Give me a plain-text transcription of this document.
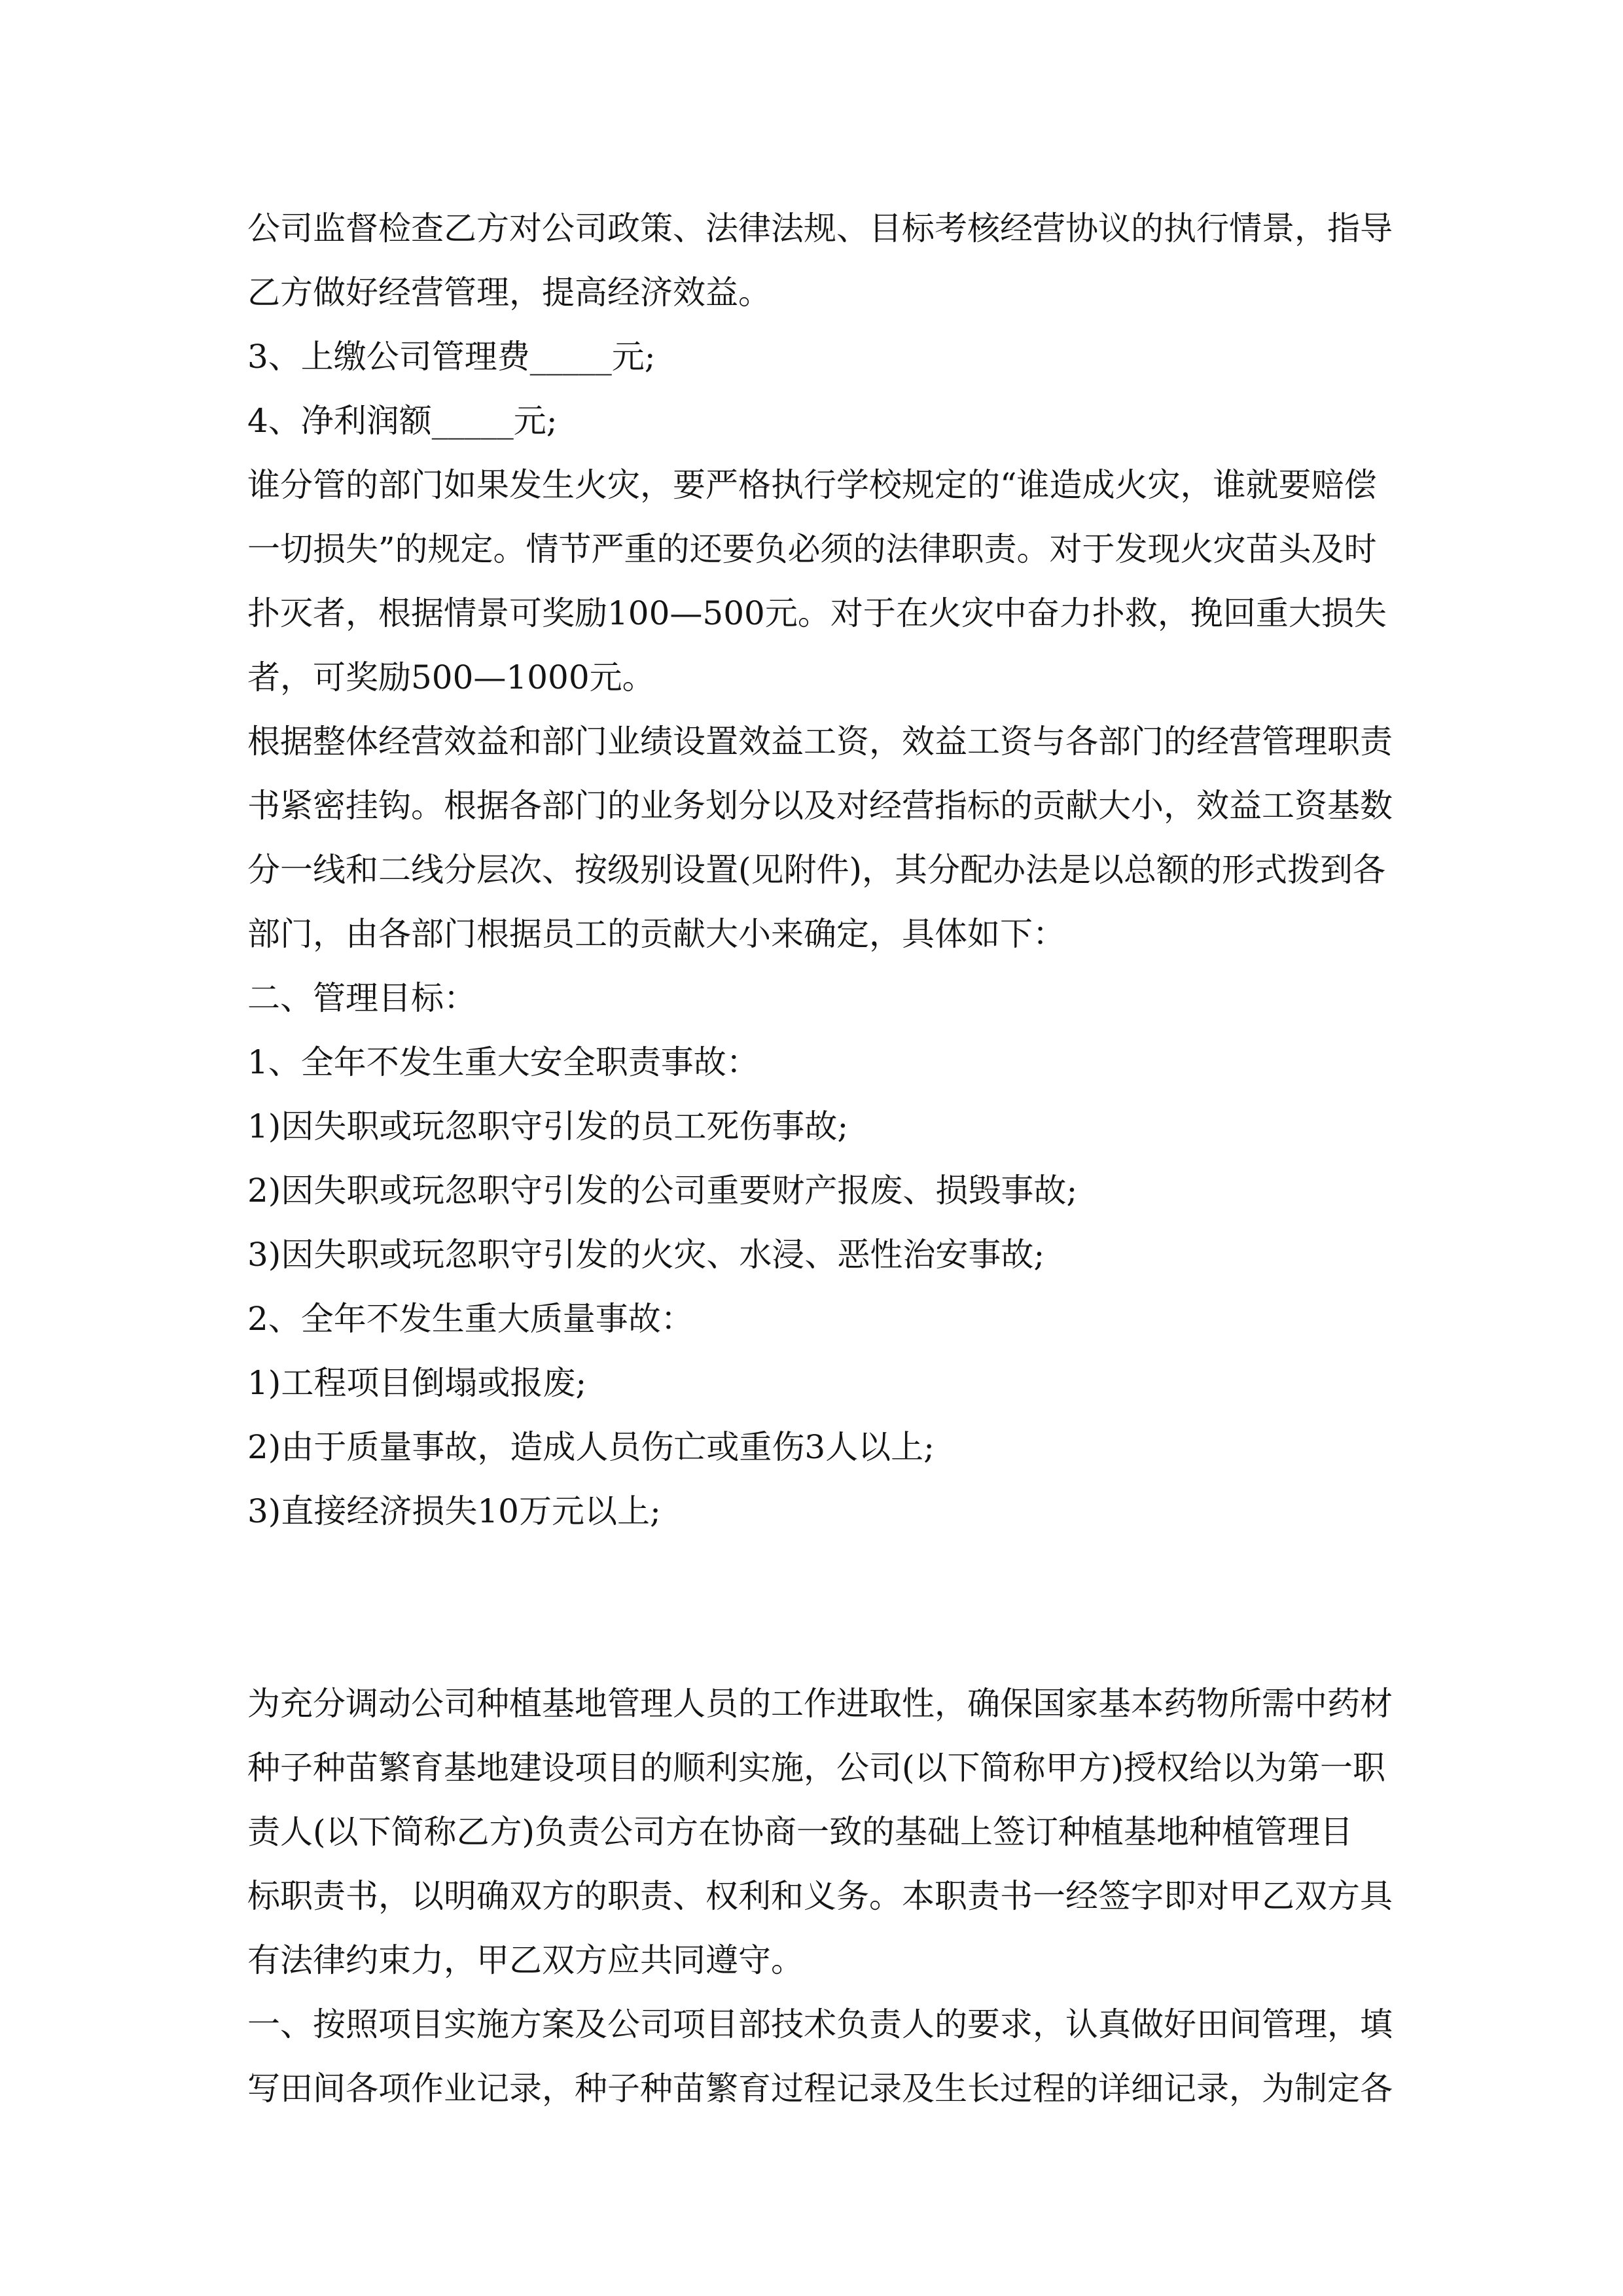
公司监督检查乙方对公司政策、法律法规、目标考核经营协议的执行情景，指导
乙方做好经营管理，提高经济效益。
3、上缴公司管理费_____元;
4、净利润额_____元;
谁分管的部门如果发生火灾，要严格执行学校规定的“谁造成火灾，谁就要赔偿
一切损失”的规定。情节严重的还要负必须的法律职责。对于发现火灾苗头及时
扑灭者，根据情景可奖励100—500元。对于在火灾中奋力扑救，挽回重大损失
者，可奖励500—1000元。
根据整体经营效益和部门业绩设置效益工资，效益工资与各部门的经营管理职责
书紧密挂钩。根据各部门的业务划分以及对经营指标的贡献大小，效益工资基数
分一线和二线分层次、按级别设置(见附件)，其分配办法是以总额的形式拨到各
部门，由各部门根据员工的贡献大小来确定，具体如下：
二、管理目标：
1、全年不发生重大安全职责事故：
1)因失职或玩忽职守引发的员工死伤事故;
2)因失职或玩忽职守引发的公司重要财产报废、损毁事故;
3)因失职或玩忽职守引发的火灾、水浸、恶性治安事故;
2、全年不发生重大质量事故：
1)工程项目倒塌或报废;
2)由于质量事故，造成人员伤亡或重伤3人以上;
3)直接经济损失10万元以上;
为充分调动公司种植基地管理人员的工作进取性，确保国家基本药物所需中药材
种子种苗繁育基地建设项目的顺利实施，公司(以下简称甲方)授权给以为第一职
责人(以下简称乙方)负责公司方在协商一致的基础上签订种植基地种植管理目
标职责书，以明确双方的职责、权利和义务。本职责书一经签字即对甲乙双方具
有法律约束力，甲乙双方应共同遵守。
一、按照项目实施方案及公司项目部技术负责人的要求，认真做好田间管理，填
写田间各项作业记录，种子种苗繁育过程记录及生长过程的详细记录，为制定各
